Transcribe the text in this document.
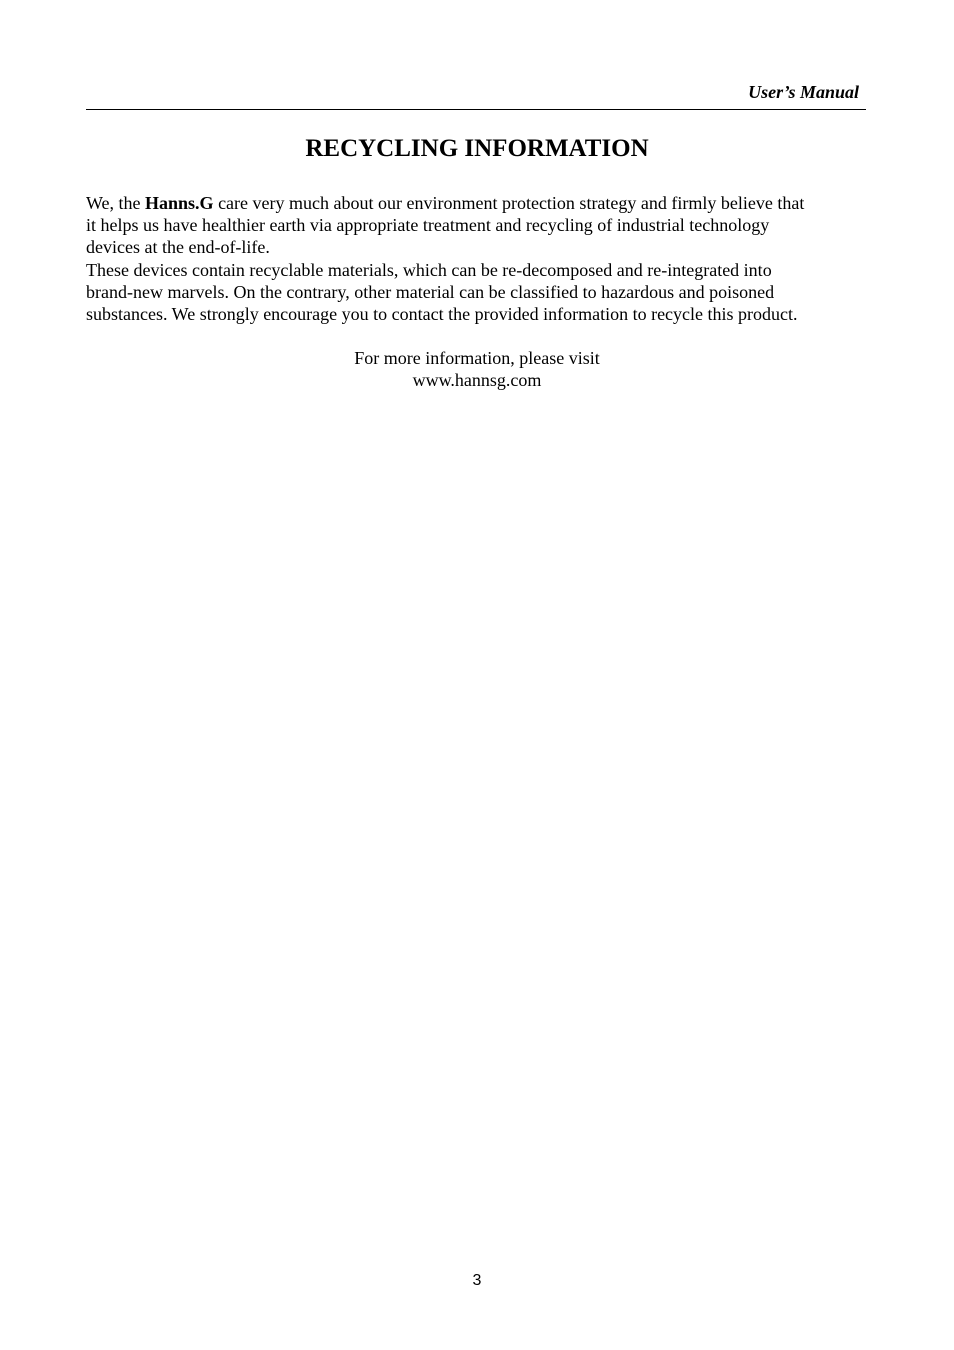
User’s Manual
RECYCLING INFORMATION

We, the Hanns.G care very much about our environment protection strategy and firmly believe that
it helps us have healthier earth via appropriate treatment and recycling of industrial technology
devices at the end-of-life.

These devices contain recyclable materials, which can be re-decomposed and re-integrated into
brand-new marvels. On the contrary, other material can be classified to hazardous and poisoned
substances. We strongly encourage you to contact the provided information to recycle this product.

For more information, please visit
www.hannsg.com
3
